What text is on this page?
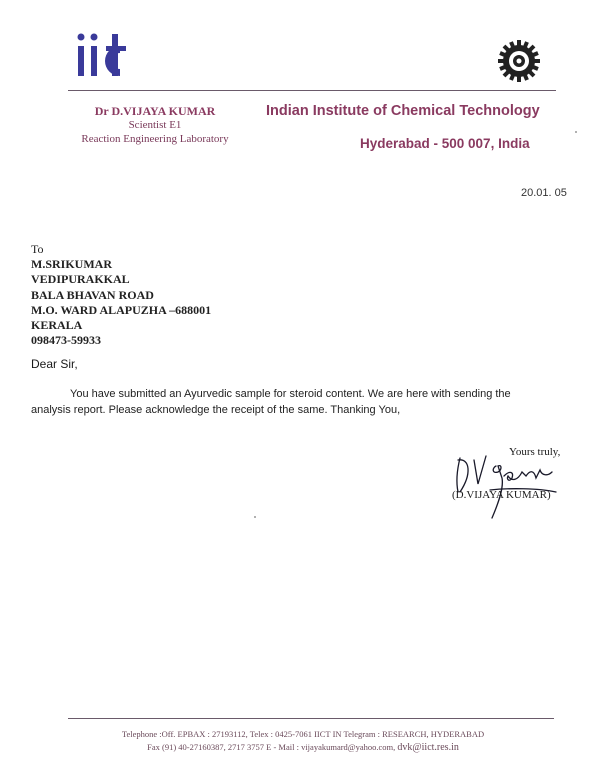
Dr D.VIJAYA KUMAR
Scientist E1
Reaction Engineering Laboratory
Indian Institute of Chemical Technology
Hyderabad - 500 007, India
20.01. 05
To
M.SRIKUMAR
VEDIPURAKKAL
BALA BHAVAN ROAD
M.O. WARD ALAPUZHA –688001
KERALA
098473-59933
Dear Sir,
You have submitted an Ayurvedic sample for steroid content. We are here with sending the analysis report. Please acknowledge the receipt of the same. Thanking You,
Yours truly,
(D.VIJAYA KUMAR)
Telephone :Off. EPBAX : 27193112, Telex : 0425-7061 IICT IN Telegram : RESEARCH, HYDERABAD
Fax (91) 40-27160387, 2717 3757 E - Mail : vijayakumard@yahoo.com, dvk@iict.res.in
